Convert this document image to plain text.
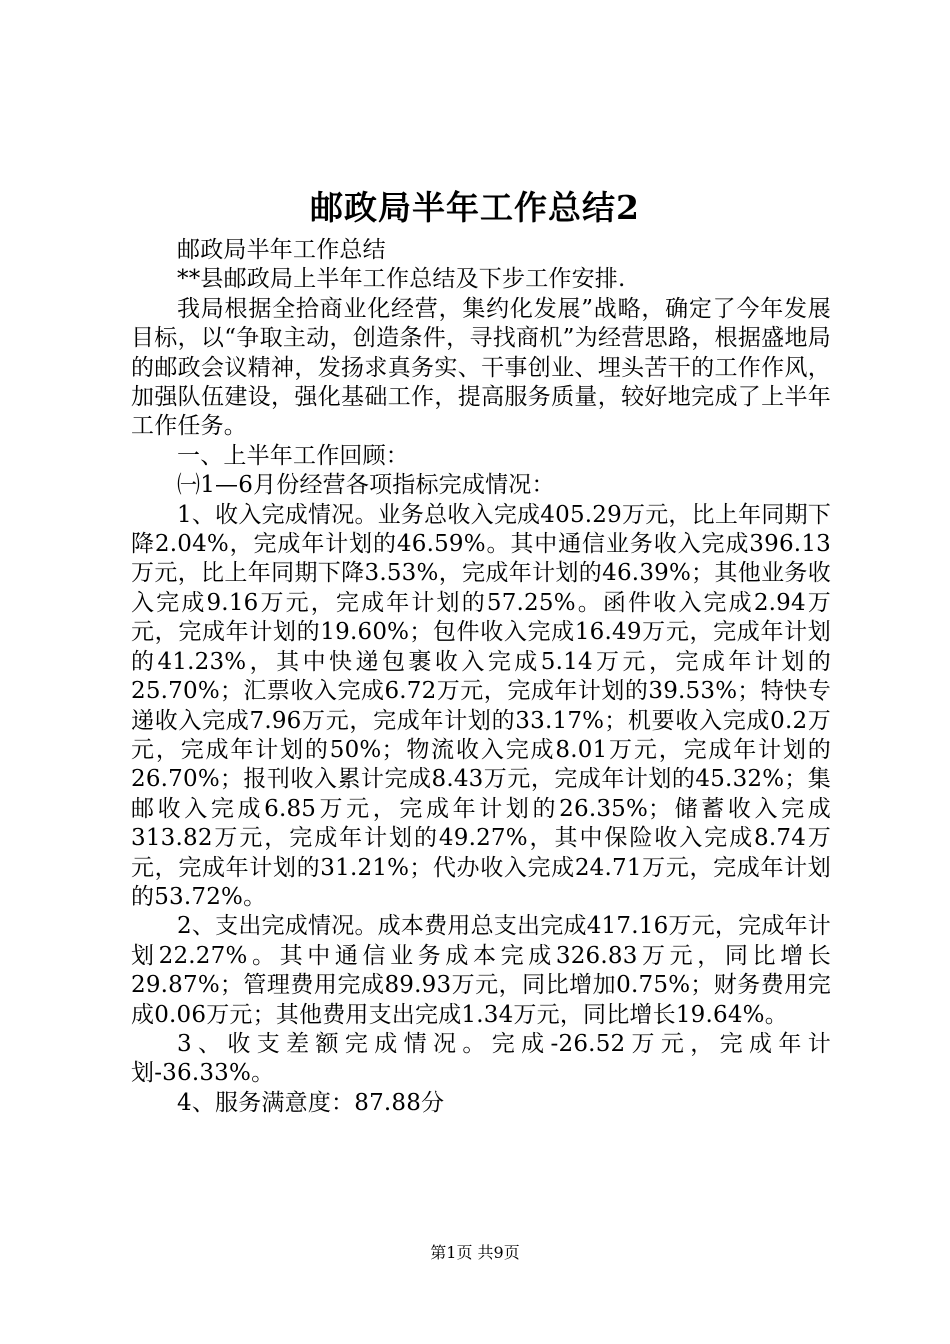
邮政局半年工作总结2

邮政局半年工作总结

**县邮政局上半年工作总结及下步工作安排.

我局根据全拾商业化经营，集约化发展”战略，确定了今年发展目标，以“争取主动，创造条件，寻找商机”为经营思路，根据盛地局的邮政会议精神，发扬求真务实、干事创业、埋头苦干的工作作风，加强队伍建设，强化基础工作，提高服务质量，较好地完成了上半年工作任务。

一、上半年工作回顾：

㈠1—6月份经营各项指标完成情况：

1、收入完成情况。业务总收入完成405.29万元，比上年同期下降2.04%，完成年计划的46.59%。其中通信业务收入完成396.13万元，比上年同期下降3.53%，完成年计划的46.39%；其他业务收入完成9.16万元，完成年计划的57.25%。函件收入完成2.94万元，完成年计划的19.60%；包件收入完成16.49万元，完成年计划的41.23%，其中快递包裹收入完成5.14万元，完成年计划的25.70%；汇票收入完成6.72万元，完成年计划的39.53%；特快专递收入完成7.96万元，完成年计划的33.17%；机要收入完成0.2万元，完成年计划的50%；物流收入完成8.01万元，完成年计划的26.70%；报刊收入累计完成8.43万元，完成年计划的45.32%；集邮收入完成6.85万元，完成年计划的26.35%；储蓄收入完成313.82万元，完成年计划的49.27%，其中保险收入完成8.74万元，完成年计划的31.21%；代办收入完成24.71万元，完成年计划的53.72%。

2、支出完成情况。成本费用总支出完成417.16万元，完成年计划22.27%。其中通信业务成本完成326.83万元，同比增长29.87%；管理费用完成89.93万元，同比增加0.75%；财务费用完成0.06万元；其他费用支出完成1.34万元，同比增长19.64%。

3、收支差额完成情况。完成-26.52万元，完成年计划-36.33%。

4、服务满意度：87.88分

第1页 共9页
